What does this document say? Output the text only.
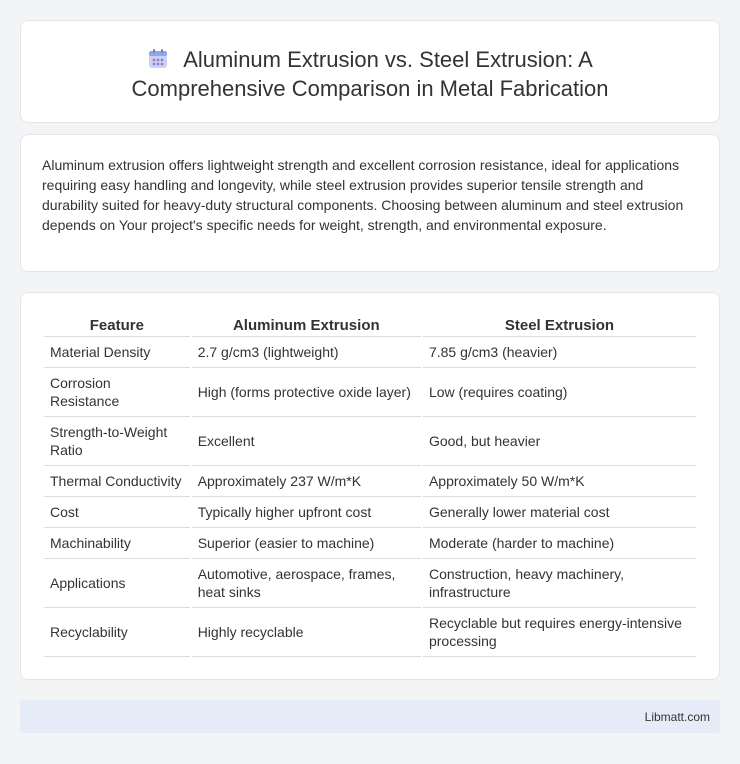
Aluminum Extrusion vs. Steel Extrusion: A
Comprehensive Comparison in Metal Fabrication

Aluminum extrusion offers lightweight strength and excellent corrosion resistance, ideal for applications requiring easy handling and longevity, while steel extrusion provides superior tensile strength and durability suited for heavy-duty structural components. Choosing between aluminum and steel extrusion depends on Your project's specific needs for weight, strength, and environmental exposure.

Feature	Aluminum Extrusion	Steel Extrusion
Material Density	2.7 g/cm3 (lightweight)	7.85 g/cm3 (heavier)
Corrosion Resistance	High (forms protective oxide layer)	Low (requires coating)
Strength-to-Weight Ratio	Excellent	Good, but heavier
Thermal Conductivity	Approximately 237 W/m*K	Approximately 50 W/m*K
Cost	Typically higher upfront cost	Generally lower material cost
Machinability	Superior (easier to machine)	Moderate (harder to machine)
Applications	Automotive, aerospace, frames, heat sinks	Construction, heavy machinery, infrastructure
Recyclability	Highly recyclable	Recyclable but requires energy-intensive processing
Libmatt.com
